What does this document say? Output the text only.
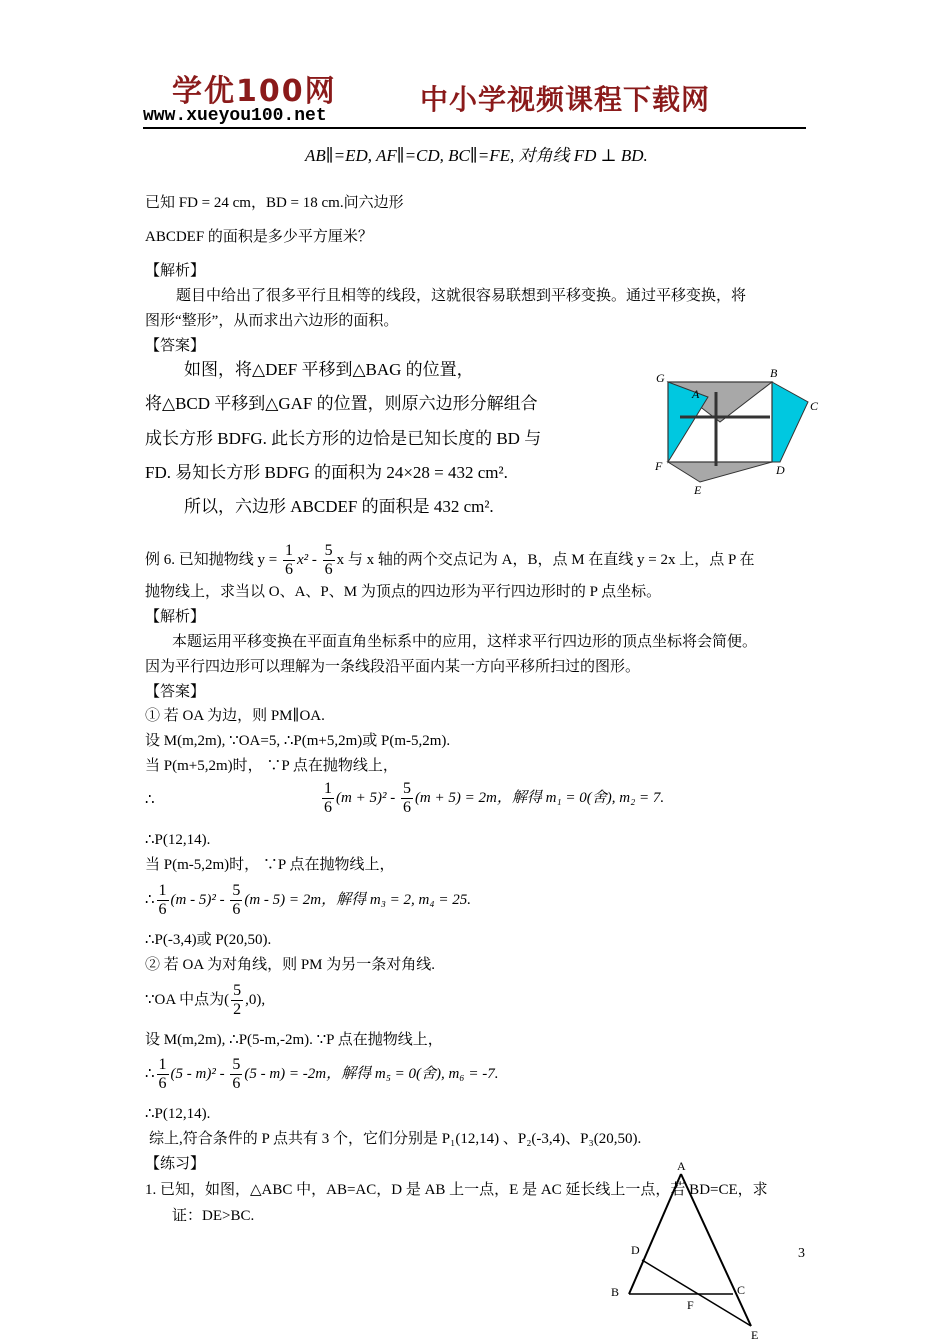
学优100网
www.xueyou100.net	中小学视频课程下载网
AB∥=ED, AF∥=CD, BC∥=FE, 对角线 FD ⊥ BD.
已知 FD = 24 cm，BD = 18 cm.问六边形
ABCDEF 的面积是多少平方厘米？
【解析】
题目中给出了很多平行且相等的线段，这就很容易联想到平移变换。通过平移变换，将
图形“整形”，从而求出六边形的面积。
【答案】
如图，将△DEF 平移到△BAG 的位置，
将△BCD 平移到△GAF 的位置，则原六边形分解组合
成长方形 BDFG. 此长方形的边恰是已知长度的 BD 与
FD. 易知长方形 BDFG 的面积为 24×28 = 432 cm².
所以，六边形 ABCDEF 的面积是 432 cm².
G
A
B
C
F	D
E
例 6. 已知抛物线 $y = \frac{1}{6} x^2 - \frac{5}{6}$ x 与 x 轴的两个交点记为 A，B，点 M 在直线 y = 2x 上，点 P 在
抛物线上，求当以 O、A、P、M 为顶点的四边形为平行四边形时的 P 点坐标。
【解析】
本题运用平移变换在平面直角坐标系中的应用，这样求平行四边形的顶点坐标将会简便。
因为平行四边形可以理解为一条线段沿平面内某一方向平移所扫过的图形。
【答案】
① 若 OA 为边，则 PM∥OA.
设 M(m,2m), ∵OA=5, ∴P(m+5,2m)或 P(m-5,2m).
当 P(m+5,2m)时， ∵P 点在抛物线上，
∴	$\frac{1}{6} (m + 5)^2 - \frac{5}{6} (m + 5) = 2m$，解得 m₁ = 0(舍), m₂ = 7.
∴P(12,14).
当 P(m-5,2m)时， ∵P 点在抛物线上，
∴ $\frac{1}{6} (m - 5)^2 - \frac{5}{6} (m - 5) = 2m$，解得 m₃ = 2, m₄ = 25.
∴P(-3,4)或 P(20,50).
② 若 OA 为对角线，则 PM 为另一条对角线.
∵OA 中点为( $\frac{5}{2} ,0$),
设 M(m,2m), ∴P(5-m,-2m). ∵P 点在抛物线上，
∴ $\frac{1}{6} (5 - m)^2 - \frac{5}{6} (5 - m) = -2m$，解得 m₅ = 0(舍), m₆ = -7.
∴P(12,14).
综上,符合条件的 P 点共有 3 个，它们分别是 P₁(12,14) 、P₂(-3,4)、P₃(20,50).
【练习】
1. 已知，如图，△ABC 中，AB=AC，D 是 AB 上一点，E 是 AC 延长线上一点，若 BD=CE，求
证：DE>BC.
A
D
B	C
F
E
3
